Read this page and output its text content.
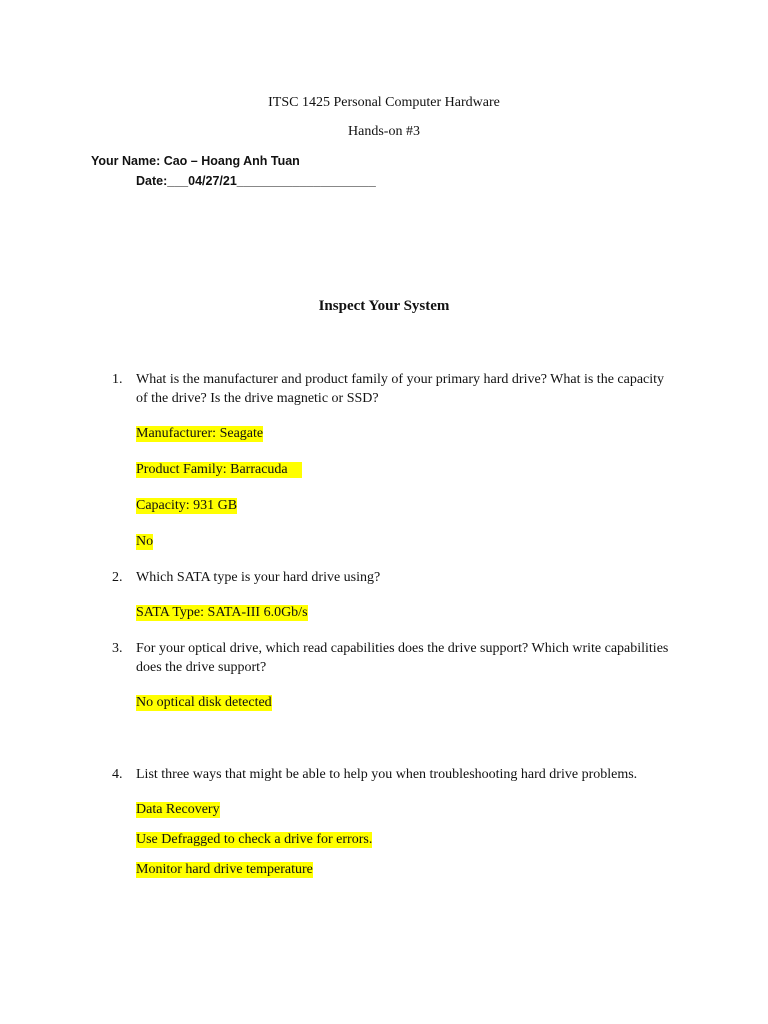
ITSC 1425 Personal Computer Hardware
Hands-on #3
Your Name: Cao – Hoang Anh Tuan
Date:___04/27/21____________________
Inspect Your System
1. What is the manufacturer and product family of your primary hard drive? What is the capacity of the drive? Is the drive magnetic or SSD?
Manufacturer: Seagate
Product Family: Barracuda
Capacity: 931 GB
No
2. Which SATA type is your hard drive using?
SATA Type: SATA-III 6.0Gb/s
3. For your optical drive, which read capabilities does the drive support? Which write capabilities does the drive support?
No optical disk detected
4. List three ways that might be able to help you when troubleshooting hard drive problems.
Data Recovery
Use Defragged to check a drive for errors.
Monitor hard drive temperature
